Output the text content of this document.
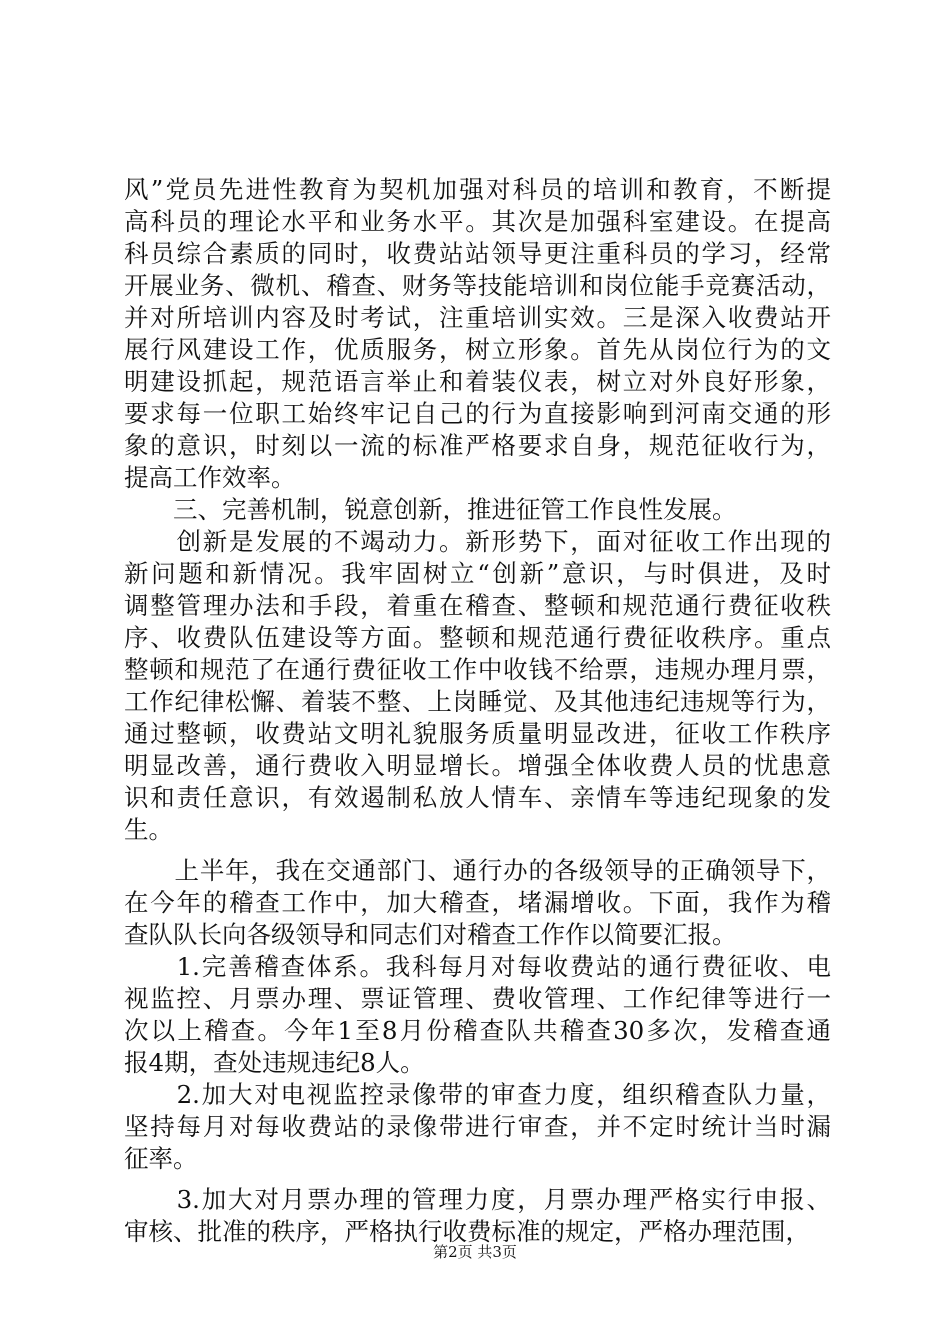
风”党员先进性教育为契机加强对科员的培训和教育，不断提
高科员的理论水平和业务水平。其次是加强科室建设。在提高
科员综合素质的同时，收费站站领导更注重科员的学习，经常
开展业务、微机、稽查、财务等技能培训和岗位能手竞赛活动，
并对所培训内容及时考试，注重培训实效。三是深入收费站开
展行风建设工作，优质服务，树立形象。首先从岗位行为的文
明建设抓起，规范语言举止和着装仪表，树立对外良好形象，
要求每一位职工始终牢记自己的行为直接影响到河南交通的形
象的意识，时刻以一流的标准严格要求自身，规范征收行为，
提高工作效率。
　　三、完善机制，锐意创新，推进征管工作良性发展。
　　创新是发展的不竭动力。新形势下，面对征收工作出现的
新问题和新情况。我牢固树立“创新”意识，与时俱进，及时
调整管理办法和手段，着重在稽查、整顿和规范通行费征收秩
序、收费队伍建设等方面。整顿和规范通行费征收秩序。重点
整顿和规范了在通行费征收工作中收钱不给票，违规办理月票，
工作纪律松懈、着装不整、上岗睡觉、及其他违纪违规等行为，
通过整顿，收费站文明礼貌服务质量明显改进，征收工作秩序
明显改善，通行费收入明显增长。增强全体收费人员的忧患意
识和责任意识，有效遏制私放人情车、亲情车等违纪现象的发
生。
　　上半年，我在交通部门、通行办的各级领导的正确领导下，
在今年的稽查工作中，加大稽查，堵漏增收。下面，我作为稽
查队队长向各级领导和同志们对稽查工作作以简要汇报。
　　1.完善稽查体系。我科每月对每收费站的通行费征收、电
视监控、月票办理、票证管理、费收管理、工作纪律等进行一
次以上稽查。今年1至8月份稽查队共稽查30多次，发稽查通
报4期，查处违规违纪8人。
　　2.加大对电视监控录像带的审查力度，组织稽查队力量，
坚持每月对每收费站的录像带进行审查，并不定时统计当时漏
征率。
　　3.加大对月票办理的管理力度，月票办理严格实行申报、
审核、批准的秩序，严格执行收费标准的规定，严格办理范围，
第2页 共3页
